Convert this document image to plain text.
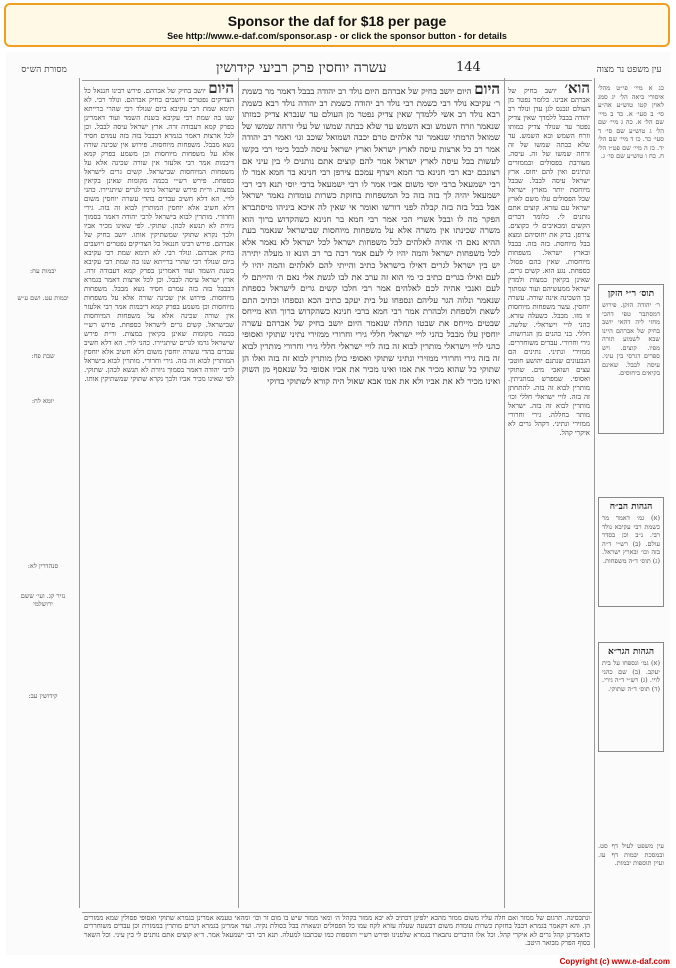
Sponsor the daf for $18 per page
See http://www.e-daf.com/sponsor.asp - or click the sponsor button - for details
מסורת הש״ס	עשרה יוחסין פרק רביעי קידושין	144	עין משפט נר מצוה
יבמות עח:
יבמות עט. ושם ע״ש
שבת פח:
יומא לח:
סנהדרין לא:
נזיר קג. ועי׳ ששם ירושלמי
קידושין עב:
היום יושב בחיק של אברהם. פירש רבינו חננאל כל הצדיקים נפטרים ויושבים בחיק אברהם. ונולד רבי. לא תימא שמת רבי עקיבא ביום שנולד רבי שהרי ברייתא שנו בה שמת רבי עקיבא בשנת השמד ועוד דאמרינן בפרק קמא דעבודה זרה. ארץ ישראל עיסה לבבל. וכן לכל ארצות דאמר בגמרא דבבבל בזה בזה עמרם חסיד נשא מבבל. משפחות מיוחסות. פירוש אין שכינה שורה אלא על משפחות מיוחסות וכן משמע בפרק קמא דיבמות אמר רבי אלעזר אין שורה שכינה אלא על משפחות המיוחסות שבישראל. קשים גרים לישראל כספחת. פירש רש״י בכמה מקומות שאינן בקיאין במצות. ור״ת פירש שישראל גרמו לגרים שיתגיירו. כהני לויי. הא דלא חשיב עבדים בהדי עשרה יוחסין משום דלא חשיב אלא יוחסין המותרין לבוא זה בזה. גירי וחרורי. מותרין לבוא בישראל לרבי יהודה דאמר בסמוך גיורת לא תנשא לכהן. שתוקי. לפי שאינו מכיר אביו ולכך נקרא שתוקי שמשתיקין אותו. יושב בחיק של אברהם. פירש רבינו חננאל כל הצדיקים נפטרים ויושבים בחיק אברהם. ונולד רבי. לא תימא שמת רבי עקיבא ביום שנולד רבי שהרי ברייתא שנו בה שמת רבי עקיבא בשנת השמד ועוד דאמרינן בפרק קמא דעבודה זרה. ארץ ישראל עיסה לבבל. וכן לכל ארצות דאמר בגמרא דבבבל בזה בזה עמרם חסיד נשא מבבל. משפחות מיוחסות. פירוש אין שכינה שורה אלא על משפחות מיוחסות וכן משמע בפרק קמא דיבמות אמר רבי אלעזר אין שורה שכינה אלא על משפחות המיוחסות שבישראל. קשים גרים לישראל כספחת. פירש רש״י בכמה מקומות שאינן בקיאין במצות. ור״ת פירש שישראל גרמו לגרים שיתגיירו. כהני לויי. הא דלא חשיב עבדים בהדי עשרה יוחסין משום דלא חשיב אלא יוחסין המותרין לבוא זה בזה. גירי וחרורי. מותרין לבוא בישראל לרבי יהודה דאמר בסמוך גיורת לא תנשא לכהן. שתוקי. לפי שאינו מכיר אביו ולכך נקרא שתוקי שמשתיקין אותו.
היום היום יושב בחיק של אברהם היום נולד רב יהודה בבבל דאמר מר כשמת ר׳ עקיבא נולד רבי כשמת רבי נולד רב יהודה כשמת רב יהודה נולד רבא כשמת רבא נולד רב אשי ללמדך שאין צדיק נפטר מן העולם עד שנברא צדיק כמותו שנאמר וזרח השמש ובא השמש עד שלא כבתה שמשו של עלי זרחה שמשו של שמואל הרמתי שנאמר ונר אלהים טרם יכבה ושמואל שוכב וגו׳ ואמר רב יהודה אמר רב כל ארצות עיסה לארץ ישראל וארץ ישראל עיסה לבבל בימי רבי בקשו לעשות בבל עיסה לארץ ישראל אמר להם קוצים אתם נותנים לי בין עיני אם רצונכם יבא רבי חנינא בר חמא ויצרף עמכם צירפן רבי חנינא בר חמא אמר לו רבי ישמעאל ברבי יוסי משום אביו אמר לו רבי ישמעאל ברבי יוסי תנא דבי רבי ישמעאל יהיה לך בזה בזה כל המשפחות בחזקת כשרות עומדות נאמר ישראל אבל בבל בזה בזה קבלה לפני דורשו ואומר אי שאין לה איכא ביניהו מיסתברא הפקר מה לו ובבל אשרי הכי אמר רבי חמא בר חנינא כשהקדוש ברוך הוא משרה שכינתו אין משרה אלא על משפחות מיוחסות שבישראל שנאמר בעת ההיא נאם ה׳ אהיה לאלהים לכל משפחות ישראל לכל ישראל לא נאמר אלא לכל משפחות ישראל והמה יהיו לי לעם אמר רבה בר רב הונא זו מעלה יתירה יש בין ישראל לגרים דאילו בישראל כתיב והייתי להם לאלהים והמה יהיו לי לעם ואילו בגרים כתיב כי מי הוא זה ערב את לבו לגשת אלי נאם ה׳ והייתם לי לעם ואנכי אהיה לכם לאלהים אמר רבי חלבו קשים גרים לישראל כספחת שנאמר ונלוה הגר עליהם ונספחו על בית יעקב כתיב הכא ונספחו וכתיב התם לשאת ולספחת ולבהרת אמר רבי חמא ברבי חנינא כשהקדוש ברוך הוא מייחס שבטים מייחס את שבטו תחלה שנאמר היום יושב בחיק של אברהם עשרה יוחסין עלו מבבל כהני לויי ישראלי חללי גירי וחרורי ממזירי נתיני שתוקי ואסופי כהני לויי וישראלי מותרין לבוא זה בזה לויי ישראלי חללי גירי וחרורי מותרין לבוא זה בזה גירי וחרורי ממזירי ונתיני שתוקי ואסופי כולן מותרין לבוא זה בזה ואלו הן שתוקי כל שהוא מכיר את אמו ואינו מכיר את אביו אסופי כל שנאסף מן השוק ואינו מכיר לא את אביו ולא את אמו אבא שאול היה קורא לשתוקי בדוקי
הוא׳ יושב בחיק של אברהם אבינו. כלומר נפטר מן העולם ונכנס לגן עדן ונולד רב יהודה בבבל ללמדך שאין צדיק נפטר עד שנולד צדיק כמותו וזרח השמש ובא השמש. עד שלא כבתה שמשו של זה זרחה שמשו של זה. עיסה. מעורבת בפסולים ובממזרים ונתינים ואין להם יחוס. ארץ ישראל עיסה לבבל. שבבל מיוחסת יותר מארץ ישראל שכל הפסולים עלו משם לארץ ישראל עם עזרא. קוצים אתם נותנים לי. כלומר דברים הקשים ומכאיבים לי כקוצים. צירפן. בדק את יחוסיהם ומצא בבל מיוחסת. בזה בזה. בבבל ובארץ ישראל. משפחות מיוחסות. שאין בהם פסול. כספחת. נגע הוא. קשים גרים. שאינן בקיאין במצות ולמדין ישראל ממעשיהם ועוד שמתוך כך השכינה אינה שורה. עשרה יוחסין. עשר משפחות מיוחסות זו מזו. מבבל. כשעלה עזרא. כהני לויי וישראלי. שלשה. חללי. בני כהנים מן הגרושות. גירי וחרורי. עבדים משוחררים. ממזירי ונתיני. נתינים הם הגבעונים שנתנם יהושע חוטבי עצים ושואבי מים. שתוקי ואסופי. שמפרש במתניתין. מותרין לבוא זה בזה. להתחתן זה בזה. לויי ישראלי חללי וכו׳ מותרין לבוא זה בזה. ישראל מותר בחללה. גירי וחרורי ממזירי ונתיני. דקהל גרים לא איקרי קהל.
כג א מיי׳ פי״ט מהל׳ איסורי ביאה הל׳ יג סמג לאוין קטו טוש״ע אה״ע סי׳ ב סעי׳ א. כד ב מיי׳ שם הל׳ א. כה ג מיי׳ שם הל׳ ג טוש״ע שם סי׳ ד סעי׳ כד. כו ד מיי׳ שם הל׳ יד. כז ה מיי׳ שם פט״ו הל׳ ח. כח ו טוש״ע שם סי׳ ג.
תוס׳ ר״י הזקן
ר׳ יהודה הזקן. פירוש דמסתבר טפי דהכי מחזי ליה דהאי יושב בחיק של אברהם היינו שבא לשמוע תורה מפיו. קוצים. ויש ספרים דגרסי בין עיני. עיסה לבבל. שאינם בקיאים ביחוסים.
הגהות הב״ח
(א) גמ׳ דאמר מר כשמת רבי עקיבא נולד רבי. נ״ב וכן בסדר עולם. (ב) רש״י ד״ה בזה וכו׳ ובארץ ישראל. (ג) תוס׳ ד״ה משפחות.
הגהות הגר״א
(א) גמ׳ ונספחו על בית יעקב. (ב) שם כהני לויי. (ג) רש״י ד״ה גירי. (ד) תוס׳ ד״ה שתוקי.
עין משפט לעיל דף סט. ובמסכת יבמות דף עז. ועיין תוספות יבמות.
ונתכסינה. תרגום של ממזר ואם חלה עליו משום ממזר מהכא ילפינן דכתיב לא יבא ממזר בקהל ה׳ ומאי ממזר שיש בו מום זר וכו׳ ומהאי טעמא אמרינן בגמרא שתוקי ואסופי פסולין שמא ממזרים הן. והא דקאמר בגמרא דבבל בחזקת כשרות עומדת משום דבשעה שעלה עזרא לקח עמו כל הפסולים ונשארה בבל כסולת נקיה. ועוד אמרינן בגמרא דגרים מותרין בממזרת וכן עבדים משוחררים כדאמרינן קהל גרים לא איקרי קהל. וכל אלו הדברים נתבארו בגמרא שלפנינו ופירש רש״י ותוספות כמו שכתבנו למעלה. תנא דבי רבי ישמעאל אמר. ד״א קוצים אתם נותנים לי בין עיני. וכל השאר בסוף הפרק מבואר היטב.
Copyright (c) www.e-daf.com
